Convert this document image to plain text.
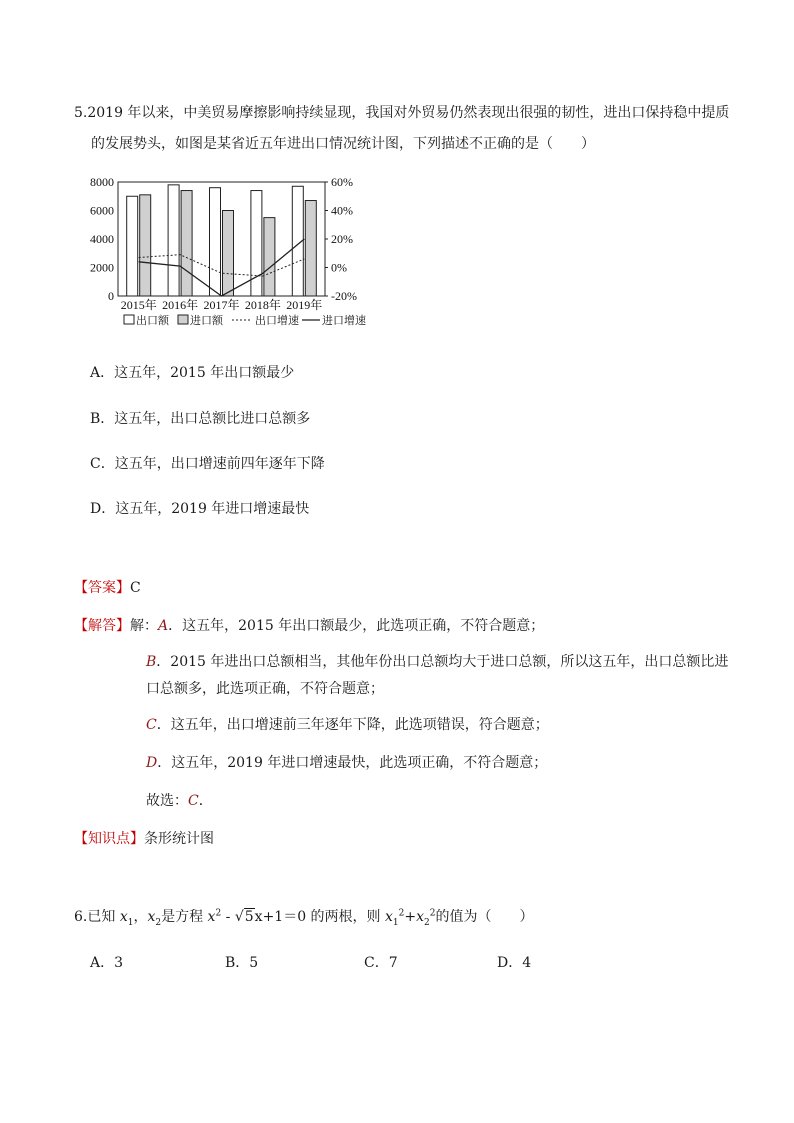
5.2019 年以来，中美贸易摩擦影响持续显现，我国对外贸易仍然表现出很强的韧性，进出口保持稳中提质
的发展势头，如图是某省近五年进出口情况统计图，下列描述不正确的是（　　）
8000
6000
4000
2000
0
60%
40%
20%
0%
-20%
2015年 2016年 2017年 2018年 2019年
出口额 进口额	出口增速 进口增速
A．这五年，2015 年出口额最少
B．这五年，出口总额比进口总额多
C．这五年，出口增速前四年逐年下降
D．这五年，2019 年进口增速最快
【答案】C
【解答】解：A．这五年，2015 年出口额最少，此选项正确，不符合题意；
B．2015 年进出口总额相当，其他年份出口总额均大于进口总额，所以这五年，出口总额比进
口总额多，此选项正确，不符合题意；
C．这五年，出口增速前三年逐年下降，此选项错误，符合题意；
D．这五年，2019 年进口增速最快，此选项正确，不符合题意；
故选：C．
【知识点】条形统计图
6.已知 $x_1$，$x_2$是方程 $x^2 - √5x+1=0$ 的两根，则 $x_1^2+x_2^2$的值为（　　）
A．3	B．5	C．7	D．4
